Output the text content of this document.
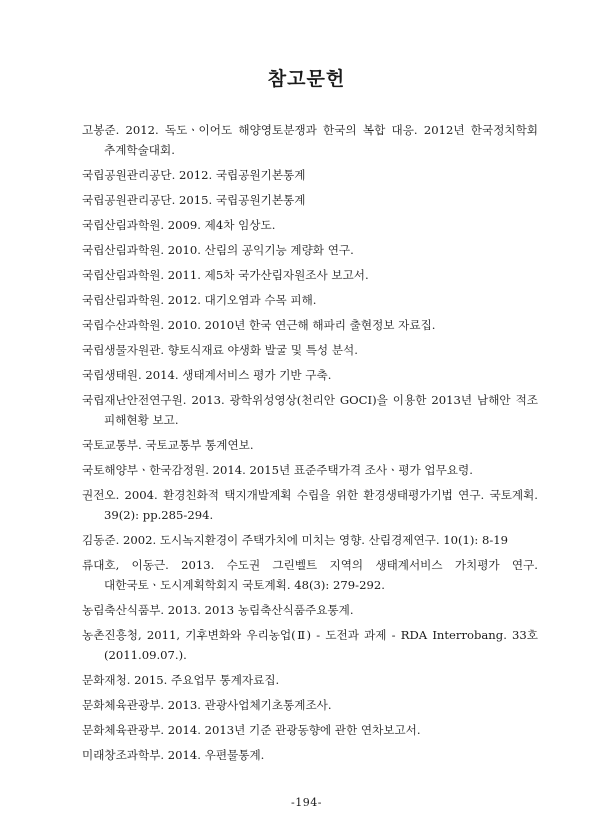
참고문헌
고봉준. 2012. 독도ㆍ이어도 해양영토분쟁과 한국의 복합 대응. 2012년 한국정치학회 추계학술대회.
국립공원관리공단. 2012. 국립공원기본통계
국립공원관리공단. 2015. 국립공원기본통계
국립산림과학원. 2009. 제4차 임상도.
국립산림과학원. 2010. 산림의 공익기능 계량화 연구.
국립산림과학원. 2011. 제5차 국가산림자원조사 보고서.
국립산림과학원. 2012. 대기오염과 수목 피해.
국립수산과학원. 2010. 2010년 한국 연근해 해파리 출현정보 자료집.
국립생물자원관. 향토식재료 야생화 발굴 및 특성 분석.
국립생태원. 2014. 생태계서비스 평가 기반 구축.
국립재난안전연구원. 2013. 광학위성영상(천리안 GOCI)을 이용한 2013년 남해안 적조 피해현황 보고.
국토교통부. 국토교통부 통계연보.
국토해양부ㆍ한국감정원. 2014. 2015년 표준주택가격 조사ㆍ평가 업무요령.
권전오. 2004. 환경친화적 택지개발계획 수립을 위한 환경생태평가기법 연구. 국토계획. 39(2): pp.285-294.
김동준. 2002. 도시녹지환경이 주택가치에 미치는 영향. 산림경제연구. 10(1): 8-19
류대호, 이동근. 2013. 수도권 그린벨트 지역의 생태계서비스 가치평가 연구. 대한국토ㆍ도시계획학회지 국토계획. 48(3): 279-292.
농림축산식품부. 2013. 2013 농림축산식품주요통계.
농촌진흥청, 2011, 기후변화와 우리농업(Ⅱ) - 도전과 과제 - RDA Interrobang. 33호(2011.09.07.).
문화재청. 2015. 주요업무 통계자료집.
문화체육관광부. 2013. 관광사업체기초통계조사.
문화체육관광부. 2014. 2013년 기준 관광동향에 관한 연차보고서.
미래창조과학부. 2014. 우편물통계.
-194-
